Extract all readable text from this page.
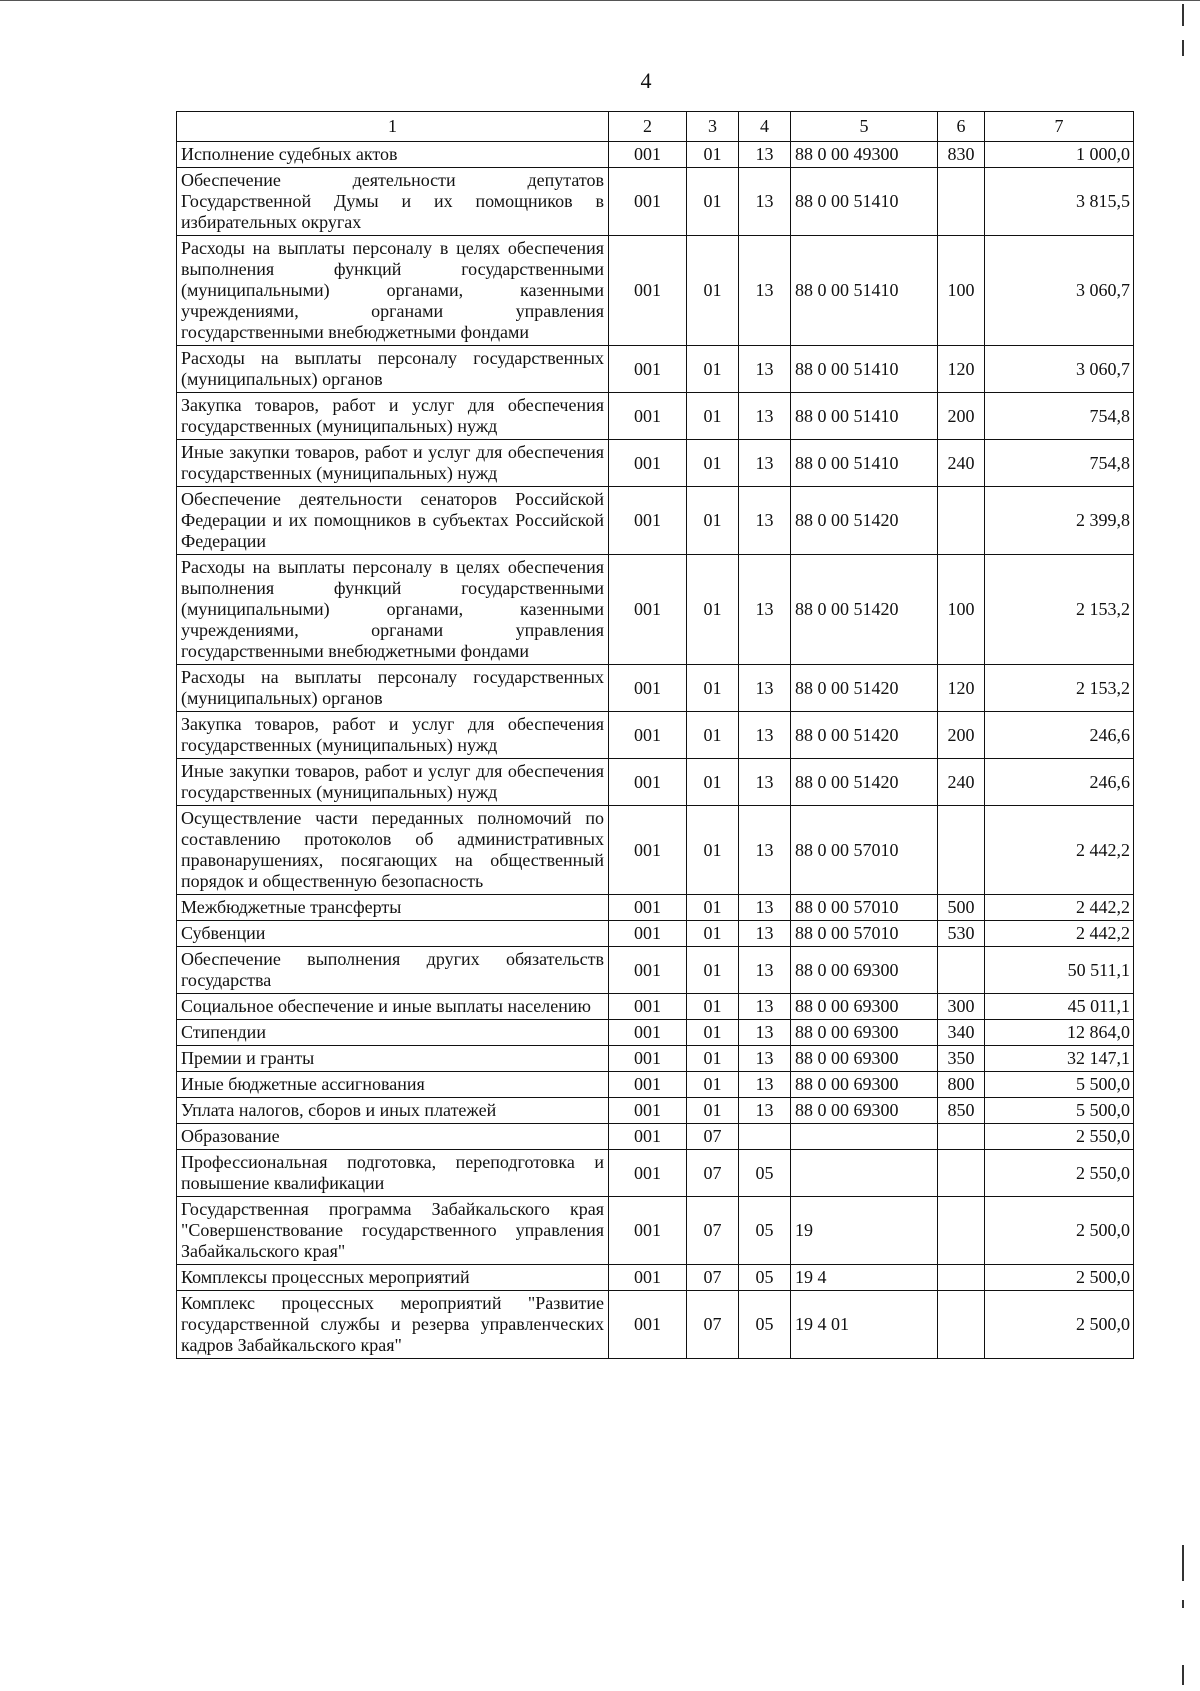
4
1	2	3	4	5	6	7
Исполнение судебных актов	001	01	13	88 0 00 49300	830	1 000,0
Обеспечение деятельности депутатов Государственной Думы и их помощников в избирательных округах	001	01	13	88 0 00 51410		3 815,5
Расходы на выплаты персоналу в целях обеспечения выполнения функций государственными (муниципальными) органами, казенными учреждениями, органами управления государственными внебюджетными фондами	001	01	13	88 0 00 51410	100	3 060,7
Расходы на выплаты персоналу государственных (муниципальных) органов	001	01	13	88 0 00 51410	120	3 060,7
Закупка товаров, работ и услуг для обеспечения государственных (муниципальных) нужд	001	01	13	88 0 00 51410	200	754,8
Иные закупки товаров, работ и услуг для обеспечения государственных (муниципальных) нужд	001	01	13	88 0 00 51410	240	754,8
Обеспечение деятельности сенаторов Российской Федерации и их помощников в субъектах Российской Федерации	001	01	13	88 0 00 51420		2 399,8
Расходы на выплаты персоналу в целях обеспечения выполнения функций государственными (муниципальными) органами, казенными учреждениями, органами управления государственными внебюджетными фондами	001	01	13	88 0 00 51420	100	2 153,2
Расходы на выплаты персоналу государственных (муниципальных) органов	001	01	13	88 0 00 51420	120	2 153,2
Закупка товаров, работ и услуг для обеспечения государственных (муниципальных) нужд	001	01	13	88 0 00 51420	200	246,6
Иные закупки товаров, работ и услуг для обеспечения государственных (муниципальных) нужд	001	01	13	88 0 00 51420	240	246,6
Осуществление части переданных полномочий по составлению протоколов об административных правонарушениях, посягающих на общественный порядок и общественную безопасность	001	01	13	88 0 00 57010		2 442,2
Межбюджетные трансферты	001	01	13	88 0 00 57010	500	2 442,2
Субвенции	001	01	13	88 0 00 57010	530	2 442,2
Обеспечение выполнения других обязательств государства	001	01	13	88 0 00 69300		50 511,1
Социальное обеспечение и иные выплаты населению	001	01	13	88 0 00 69300	300	45 011,1
Стипендии	001	01	13	88 0 00 69300	340	12 864,0
Премии и гранты	001	01	13	88 0 00 69300	350	32 147,1
Иные бюджетные ассигнования	001	01	13	88 0 00 69300	800	5 500,0
Уплата налогов, сборов и иных платежей	001	01	13	88 0 00 69300	850	5 500,0
Образование	001	07				2 550,0
Профессиональная подготовка, переподготовка и повышение квалификации	001	07	05			2 550,0
Государственная программа Забайкальского края "Совершенствование государственного управления Забайкальского края"	001	07	05	19		2 500,0
Комплексы процессных мероприятий	001	07	05	19 4		2 500,0
Комплекс процессных мероприятий "Развитие государственной службы и резерва управленческих кадров Забайкальского края"	001	07	05	19 4 01		2 500,0
